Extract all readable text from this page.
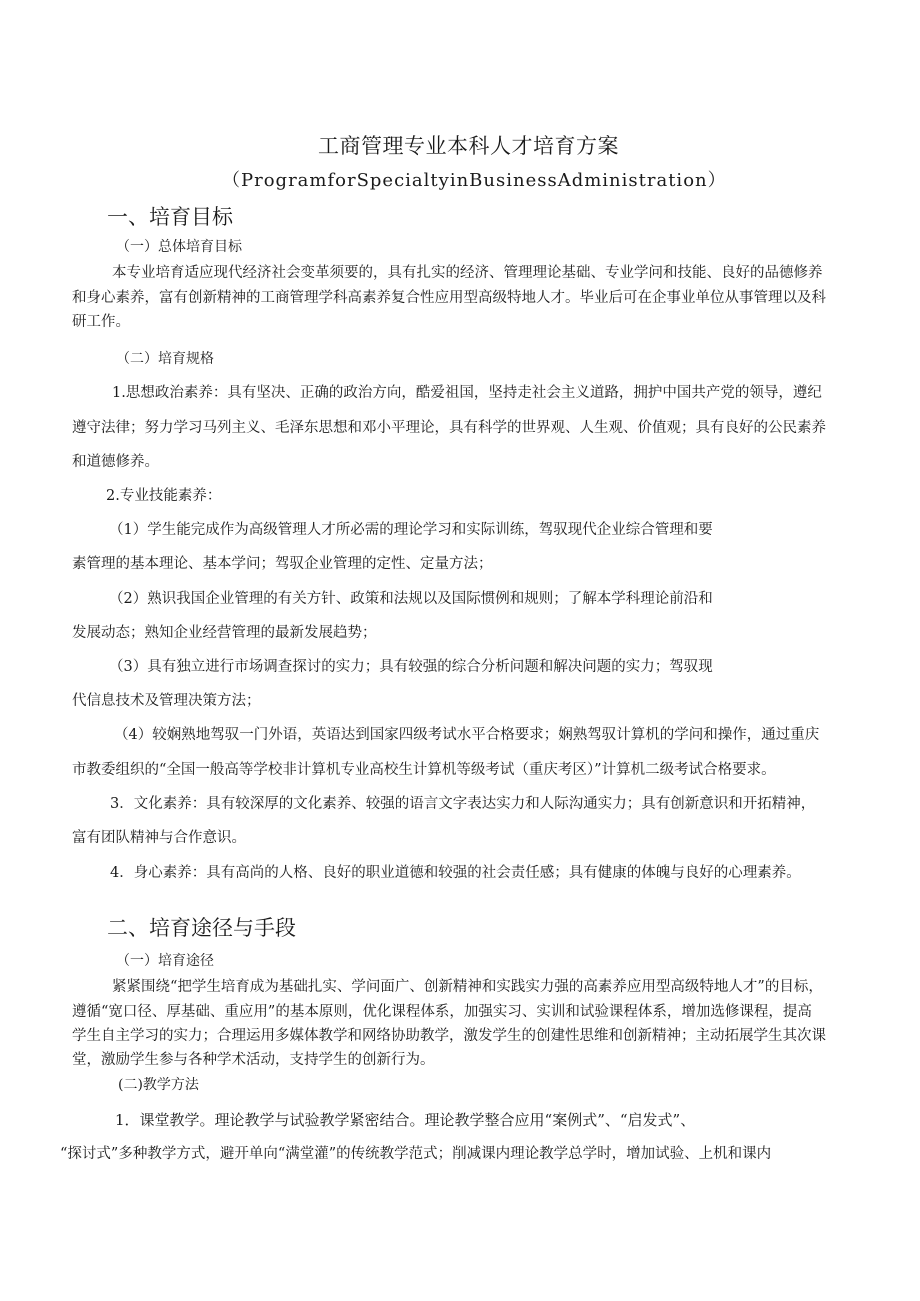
工商管理专业本科人才培育方案
（ProgramforSpecialtyinBusinessAdministration）
一、培育目标
（一）总体培育目标
本专业培育适应现代经济社会变革须要的，具有扎实的经济、管理理论基础、专业学问和技能、良好的品德修养
和身心素养，富有创新精神的工商管理学科高素养复合性应用型高级特地人才。毕业后可在企事业单位从事管理以及科
研工作。
（二）培育规格
1.思想政治素养：具有坚决、正确的政治方向，酷爱祖国，坚持走社会主义道路，拥护中国共产党的领导，遵纪
遵守法律；努力学习马列主义、毛泽东思想和邓小平理论，具有科学的世界观、人生观、价值观；具有良好的公民素养
和道德修养。
2.专业技能素养：
（1）学生能完成作为高级管理人才所必需的理论学习和实际训练，驾驭现代企业综合管理和要
素管理的基本理论、基本学问；驾驭企业管理的定性、定量方法；
（2）熟识我国企业管理的有关方针、政策和法规以及国际惯例和规则；了解本学科理论前沿和
发展动态；熟知企业经营管理的最新发展趋势；
（3）具有独立进行市场调查探讨的实力；具有较强的综合分析问题和解决问题的实力；驾驭现
代信息技术及管理决策方法；
（4）较娴熟地驾驭一门外语，英语达到国家四级考试水平合格要求；娴熟驾驭计算机的学问和操作，通过重庆
市教委组织的“全国一般高等学校非计算机专业高校生计算机等级考试（重庆考区）”计算机二级考试合格要求。
3．文化素养：具有较深厚的文化素养、较强的语言文字表达实力和人际沟通实力；具有创新意识和开拓精神，
富有团队精神与合作意识。
4．身心素养：具有高尚的人格、良好的职业道德和较强的社会责任感；具有健康的体魄与良好的心理素养。
二、培育途径与手段
（一）培育途径
紧紧围绕“把学生培育成为基础扎实、学问面广、创新精神和实践实力强的高素养应用型高级特地人才”的目标，
遵循“宽口径、厚基础、重应用”的基本原则，优化课程体系，加强实习、实训和试验课程体系，增加选修课程，提高
学生自主学习的实力；合理运用多媒体教学和网络协助教学，激发学生的创建性思维和创新精神；主动拓展学生其次课
堂，激励学生参与各种学术活动，支持学生的创新行为。
(二)教学方法
1．课堂教学。理论教学与试验教学紧密结合。理论教学整合应用“案例式”、“启发式”、
“探讨式”多种教学方式，避开单向“满堂灌”的传统教学范式；削减课内理论教学总学时，增加试验、上机和课内
